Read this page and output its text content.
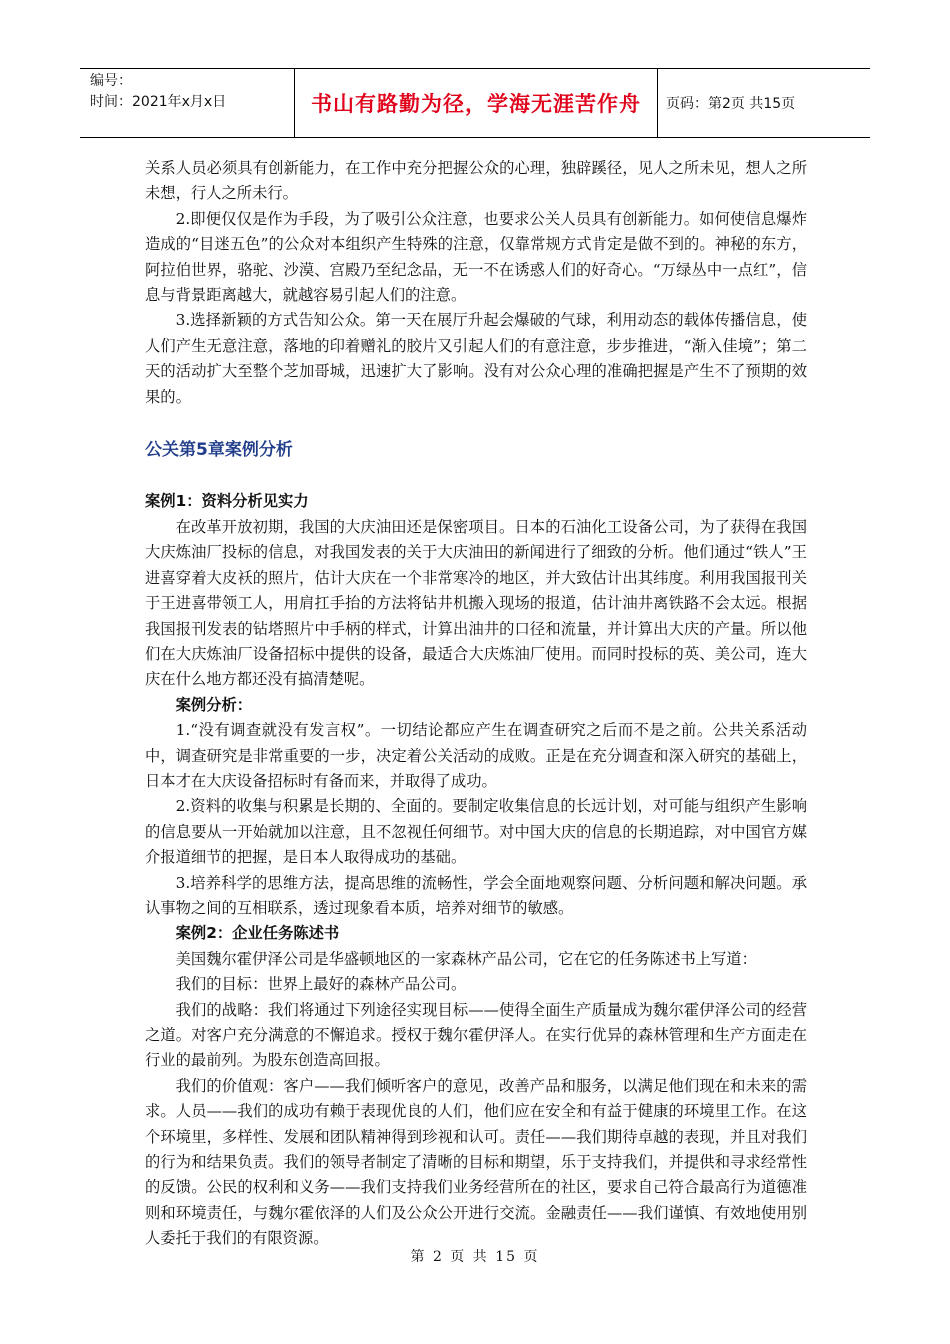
编号：
时间：2021年x月x日	书山有路勤为径，学海无涯苦作舟	页码：第2页 共15页

关系人员必须具有创新能力，在工作中充分把握公众的心理，独辟蹊径，见人之所未见，想人之所未想，行人之所未行。

2.即便仅仅是作为手段，为了吸引公众注意，也要求公关人员具有创新能力。如何使信息爆炸造成的“目迷五色”的公众对本组织产生特殊的注意，仅靠常规方式肯定是做不到的。神秘的东方，阿拉伯世界，骆驼、沙漠、宫殿乃至纪念品，无一不在诱惑人们的好奇心。“万绿丛中一点红”，信息与背景距离越大，就越容易引起人们的注意。

3.选择新颖的方式告知公众。第一天在展厅升起会爆破的气球，利用动态的载体传播信息，使人们产生无意注意，落地的印着赠礼的胶片又引起人们的有意注意，步步推进，“渐入佳境”；第二天的活动扩大至整个芝加哥城，迅速扩大了影响。没有对公众心理的准确把握是产生不了预期的效果的。

公关第5章案例分析

案例1：资料分析见实力

在改革开放初期，我国的大庆油田还是保密项目。日本的石油化工设备公司，为了获得在我国大庆炼油厂投标的信息，对我国发表的关于大庆油田的新闻进行了细致的分析。他们通过“铁人”王进喜穿着大皮袄的照片，估计大庆在一个非常寒冷的地区，并大致估计出其纬度。利用我国报刊关于王进喜带领工人，用肩扛手抬的方法将钻井机搬入现场的报道，估计油井离铁路不会太远。根据我国报刊发表的钻塔照片中手柄的样式，计算出油井的口径和流量，并计算出大庆的产量。所以他们在大庆炼油厂设备招标中提供的设备，最适合大庆炼油厂使用。而同时投标的英、美公司，连大庆在什么地方都还没有搞清楚呢。

案例分析：

1.“没有调查就没有发言权”。一切结论都应产生在调查研究之后而不是之前。公共关系活动中，调查研究是非常重要的一步，决定着公关活动的成败。正是在充分调查和深入研究的基础上，日本才在大庆设备招标时有备而来，并取得了成功。

2.资料的收集与积累是长期的、全面的。要制定收集信息的长远计划，对可能与组织产生影响的信息要从一开始就加以注意，且不忽视任何细节。对中国大庆的信息的长期追踪，对中国官方媒介报道细节的把握，是日本人取得成功的基础。

3.培养科学的思维方法，提高思维的流畅性，学会全面地观察问题、分析问题和解决问题。承认事物之间的互相联系，透过现象看本质，培养对细节的敏感。

案例2：企业任务陈述书

美国魏尔霍伊泽公司是华盛顿地区的一家森林产品公司，它在它的任务陈述书上写道：

我们的目标：世界上最好的森林产品公司。

我们的战略：我们将通过下列途径实现目标——使得全面生产质量成为魏尔霍伊泽公司的经营之道。对客户充分满意的不懈追求。授权于魏尔霍伊泽人。在实行优异的森林管理和生产方面走在行业的最前列。为股东创造高回报。

我们的价值观：客户——我们倾听客户的意见，改善产品和服务，以满足他们现在和未来的需求。人员——我们的成功有赖于表现优良的人们，他们应在安全和有益于健康的环境里工作。在这个环境里，多样性、发展和团队精神得到珍视和认可。责任——我们期待卓越的表现，并且对我们的行为和结果负责。我们的领导者制定了清晰的目标和期望，乐于支持我们，并提供和寻求经常性的反馈。公民的权利和义务——我们支持我们业务经营所在的社区，要求自己符合最高行为道德准则和环境责任，与魏尔霍依泽的人们及公众公开进行交流。金融责任——我们谨慎、有效地使用别人委托于我们的有限资源。

第 2 页 共 15 页
